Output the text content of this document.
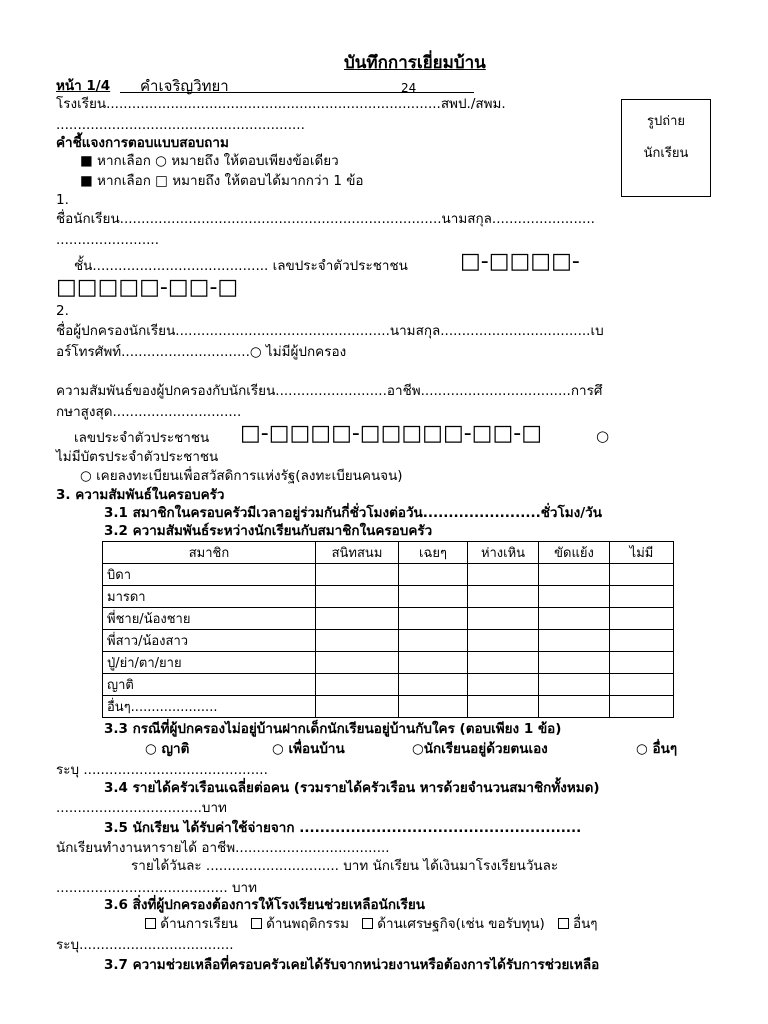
บันทึกการเยี่ยมบ้าน
หน้า 1/4 คำเจริญวิทยา	24
โรงเรียน..............................................................................สพป./สพม.
..........................................................	รูปถ่าย
นักเรียน
คำชี้แจงการตอบแบบสอบถาม
■ หากเลือก ○ หมายถึง ให้ตอบเพียงข้อเดียว
■ หากเลือก □ หมายถึง ให้ตอบได้มากกว่า 1 ข้อ
1.
ชื่อนักเรียน...........................................................................นามสกุล........................
........................
ชั้น......................................... เลขประจำตัวประชาชน □-□□□□-
□□□□□-□□-□
2.
ชื่อผู้ปกครองนักเรียน..................................................นามสกุล...................................เบ
อร์โทรศัพท์..............................○ ไม่มีผู้ปกครอง
ความสัมพันธ์ของผู้ปกครองกับนักเรียน..........................อาชีพ...................................การศึ
กษาสูงสุด..............................
เลขประจำตัวประชาชน □-□□□□-□□□□□-□□-□	○
ไม่มีบัตรประจำตัวประชาชน
○ เคยลงทะเบียนเพื่อสวัสดิการแห่งรัฐ(ลงทะเบียนคนจน)
3. ความสัมพันธ์ในครอบครัว
3.1 สมาชิกในครอบครัวมีเวลาอยู่ร่วมกันกี่ชั่วโมงต่อวัน.......................ชั่วโมง/วัน
3.2 ความสัมพันธ์ระหว่างนักเรียนกับสมาชิกในครอบครัว
สมาชิก	สนิทสนม	เฉยๆ	ห่างเหิน	ขัดแย้ง	ไม่มี
บิดา					
มารดา					
พี่ชาย/น้องชาย					
พี่สาว/น้องสาว					
ปู่/ย่า/ตา/ยาย					
ญาติ					
อื่นๆ.....................					
3.3 กรณีที่ผู้ปกครองไม่อยู่บ้านฝากเด็กนักเรียนอยู่บ้านกับใคร (ตอบเพียง 1 ข้อ)
○ ญาติ	○ เพื่อนบ้าน	○นักเรียนอยู่ด้วยตนเอง	○ อื่นๆ
ระบุ ...........................................
3.4 รายได้ครัวเรือนเฉลี่ยต่อคน (รวมรายได้ครัวเรือน หารด้วยจำนวนสมาชิกทั้งหมด)
..................................บาท
3.5 นักเรียน ได้รับค่าใช้จ่ายจาก .......................................................
นักเรียนทำงานหารายได้ อาชีพ....................................
รายได้วันละ ............................... บาท นักเรียน ได้เงินมาโรงเรียนวันละ
........................................ บาท
3.6 สิ่งที่ผู้ปกครองต้องการให้โรงเรียนช่วยเหลือนักเรียน
ด้านการเรียน ด้านพฤติกรรม ด้านเศรษฐกิจ(เช่น ขอรับทุน) อื่นๆ
ระบุ....................................
3.7 ความช่วยเหลือที่ครอบครัวเคยได้รับจากหน่วยงานหรือต้องการได้รับการช่วยเหลือ
